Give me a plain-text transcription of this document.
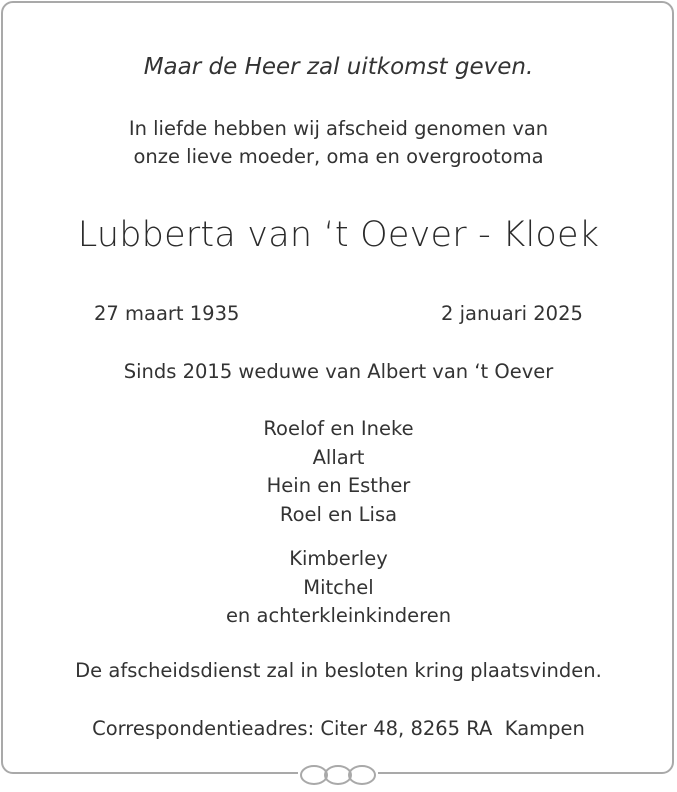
Maar de Heer zal uitkomst geven.
In liefde hebben wij afscheid genomen van
onze lieve moeder, oma en overgrootoma
Lubberta van ‘t Oever - Kloek
27 maart 1935	2 januari 2025
Sinds 2015 weduwe van Albert van ‘t Oever
Roelof en Ineke
Allart
Hein en Esther
Roel en Lisa
Kimberley
Mitchel
en achterkleinkinderen
De afscheidsdienst zal in besloten kring plaatsvinden.
Correspondentieadres: Citer 48, 8265 RA  Kampen
